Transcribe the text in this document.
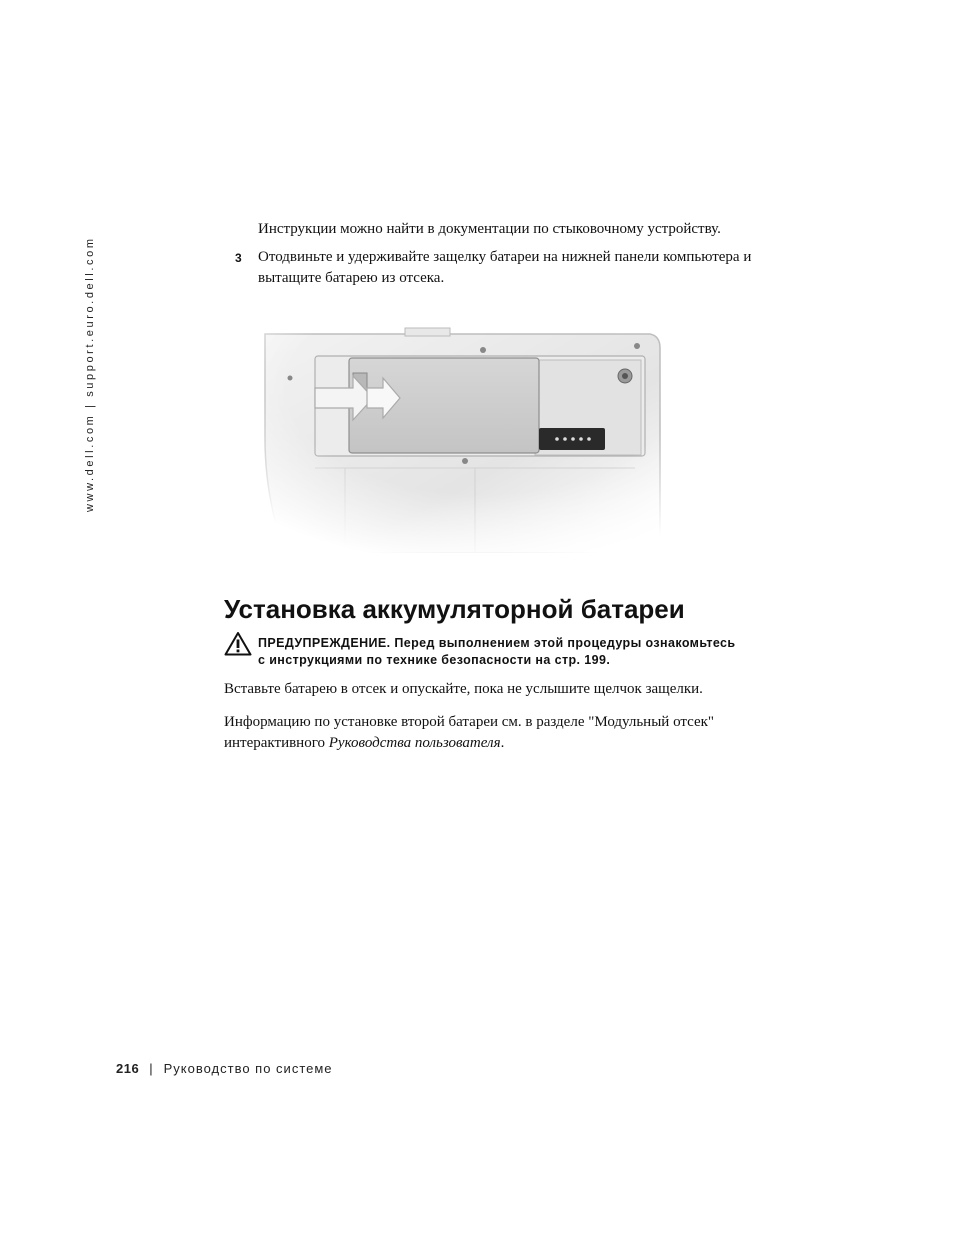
www.dell.com | support.euro.dell.com

Инструкции можно найти в документации по стыковочному устройству.

3 Отодвиньте и удерживайте защелку батареи на нижней панели компьютера и
вытащите батарею из отсека.

Установка аккумуляторной батареи
ПРЕДУПРЕЖДЕНИЕ. Перед выполнением этой процедуры ознакомьтесь
с инструкциями по технике безопасности на стр. 199.

Вставьте батарею в отсек и опускайте, пока не услышите щелчок защелки.

Информацию по установке второй батареи см. в разделе "Модульный отсек"
интерактивного Руководства пользователя.

216 | Руководство по системе
